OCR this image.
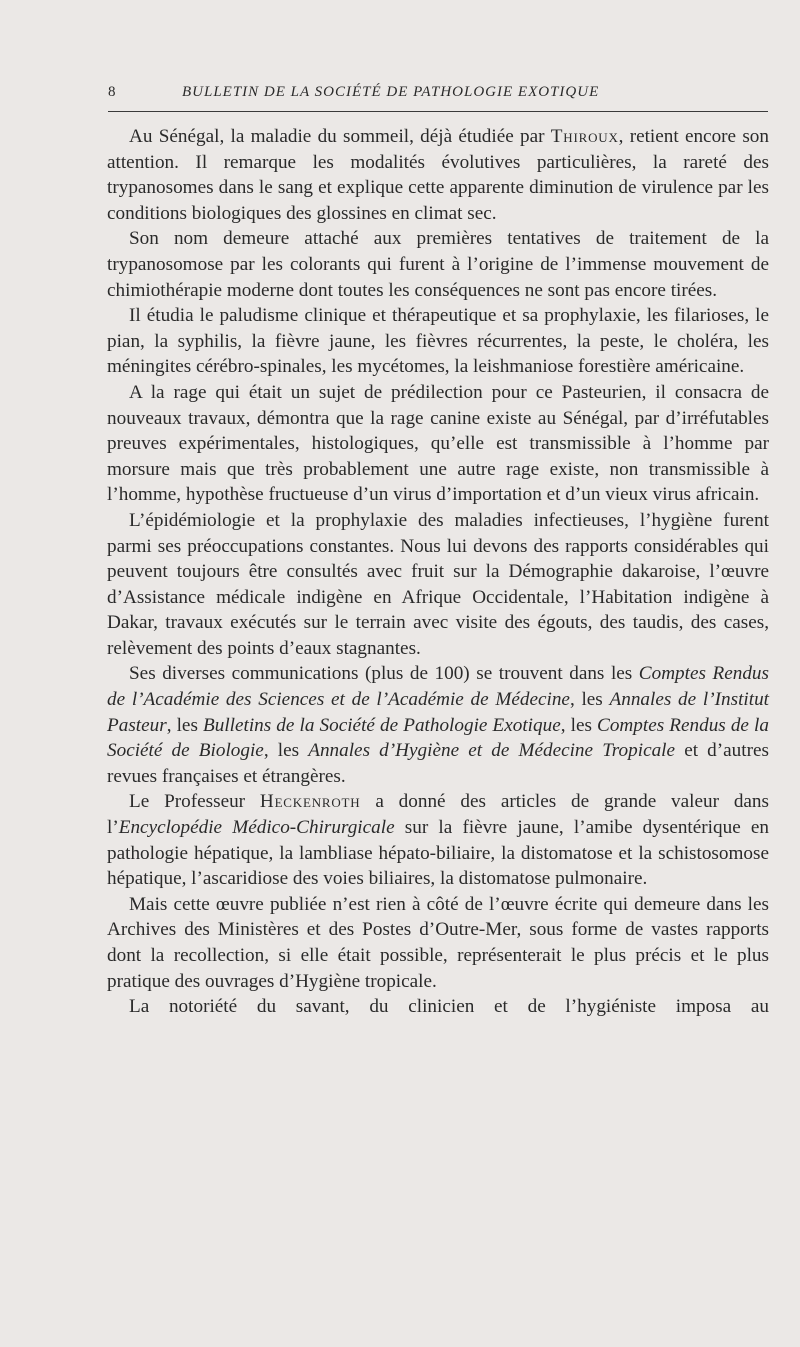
8	BULLETIN DE LA SOCIÉTÉ DE PATHOLOGIE EXOTIQUE

Au Sénégal, la maladie du sommeil, déjà étudiée par Thiroux, retient encore son attention. Il remarque les modalités évolutives particulières, la rareté des trypanosomes dans le sang et explique cette apparente diminution de virulence par les conditions biologiques des glossines en climat sec.

Son nom demeure attaché aux premières tentatives de traitement de la trypanosomose par les colorants qui furent à l’origine de l’immense mouvement de chimiothérapie moderne dont toutes les conséquences ne sont pas encore tirées.

Il étudia le paludisme clinique et thérapeutique et sa prophylaxie, les filarioses, le pian, la syphilis, la fièvre jaune, les fièvres récurrentes, la peste, le choléra, les méningites cérébro-spinales, les mycétomes, la leishmaniose forestière américaine.

A la rage qui était un sujet de prédilection pour ce Pasteurien, il consacra de nouveaux travaux, démontra que la rage canine existe au Sénégal, par d’irréfutables preuves expérimentales, histologiques, qu’elle est transmissible à l’homme par morsure mais que très probablement une autre rage existe, non transmissible à l’homme, hypothèse fructueuse d’un virus d’importation et d’un vieux virus africain.

L’épidémiologie et la prophylaxie des maladies infectieuses, l’hygiène furent parmi ses préoccupations constantes. Nous lui devons des rapports considérables qui peuvent toujours être consultés avec fruit sur la Démographie dakaroise, l’œuvre d’Assistance médicale indigène en Afrique Occidentale, l’Habitation indigène à Dakar, travaux exécutés sur le terrain avec visite des égouts, des taudis, des cases, relèvement des points d’eaux stagnantes.

Ses diverses communications (plus de 100) se trouvent dans les Comptes Rendus de l’Académie des Sciences et de l’Académie de Médecine, les Annales de l’Institut Pasteur, les Bulletins de la Société de Pathologie Exotique, les Comptes Rendus de la Société de Biologie, les Annales d’Hygiène et de Médecine Tropicale et d’autres revues françaises et étrangères.

Le Professeur Heckenroth a donné des articles de grande valeur dans l’Encyclopédie Médico-Chirurgicale sur la fièvre jaune, l’amibe dysentérique en pathologie hépatique, la lambliase hépato-biliaire, la distomatose et la schistosomose hépatique, l’ascaridiose des voies biliaires, la distomatose pulmonaire.

Mais cette œuvre publiée n’est rien à côté de l’œuvre écrite qui demeure dans les Archives des Ministères et des Postes d’Outre-Mer, sous forme de vastes rapports dont la recollection, si elle était possible, représenterait le plus précis et le plus pratique des ouvrages d’Hygiène tropicale.

La notoriété du savant, du clinicien et de l’hygiéniste imposa au
